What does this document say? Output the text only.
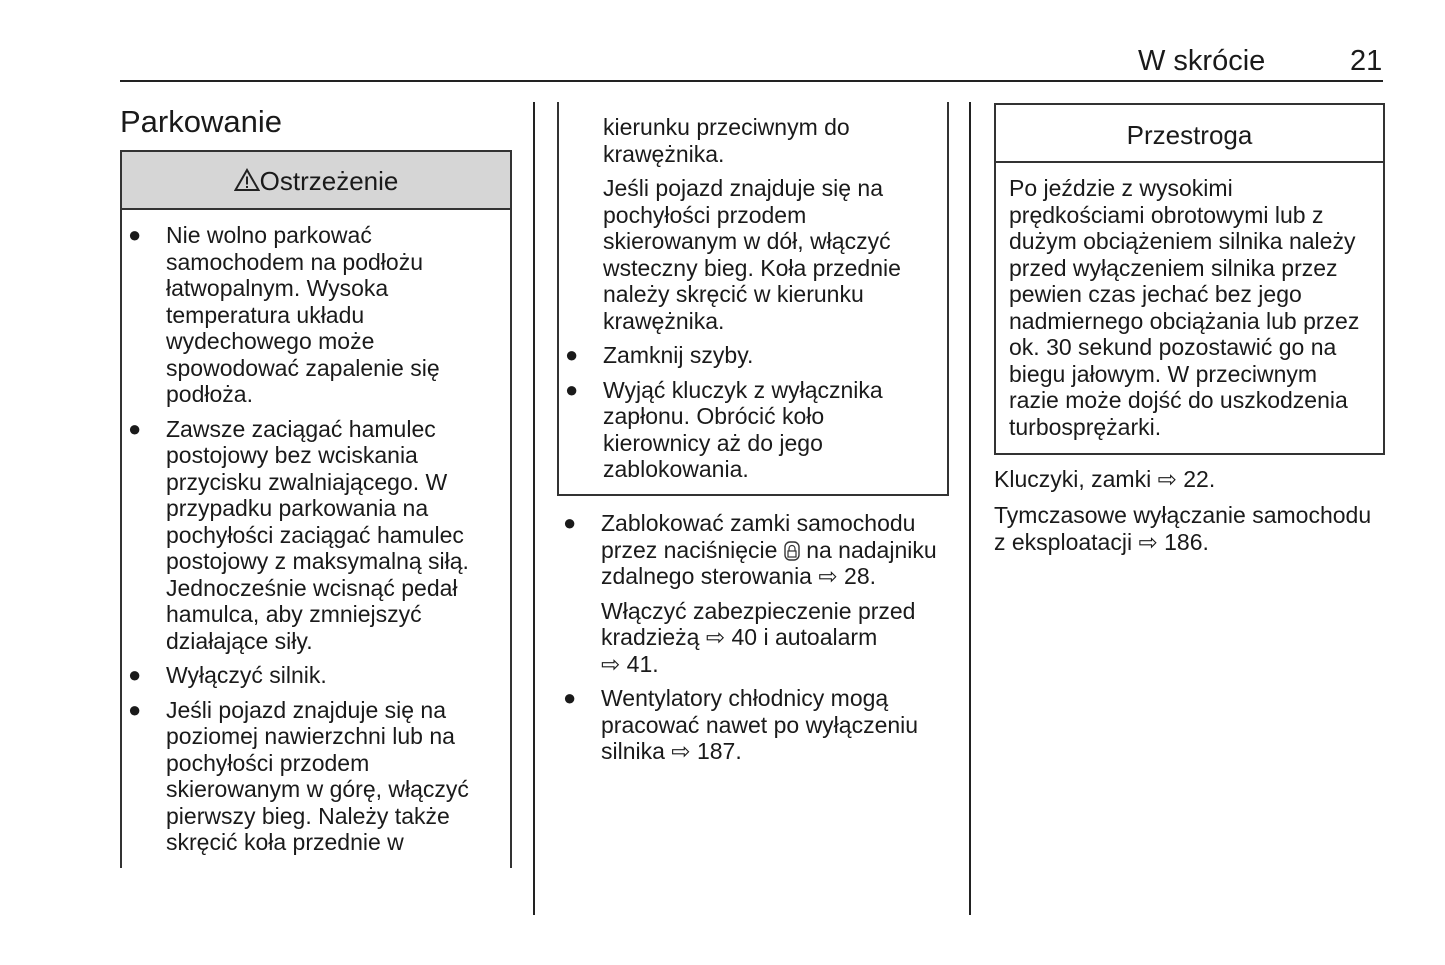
W skrócie	21
Parkowanie
Ostrzeżenie
● Nie wolno parkować
samochodem na podłożu
łatwopalnym. Wysoka
temperatura układu
wydechowego może
spowodować zapalenie się
podłoża.
● Zawsze zaciągać hamulec
postojowy bez wciskania
przycisku zwalniającego. W
przypadku parkowania na
pochyłości zaciągać hamulec
postojowy z maksymalną siłą.
Jednocześnie wcisnąć pedał
hamulca, aby zmniejszyć
działające siły.
● Wyłączyć silnik.
● Jeśli pojazd znajduje się na
poziomej nawierzchni lub na
pochyłości przodem
skierowanym w górę, włączyć
pierwszy bieg. Należy także
skręcić koła przednie w
kierunku przeciwnym do
krawężnika.
Jeśli pojazd znajduje się na
pochyłości przodem
skierowanym w dół, włączyć
wsteczny bieg. Koła przednie
należy skręcić w kierunku
krawężnika.
● Zamknij szyby.
● Wyjąć kluczyk z wyłącznika
zapłonu. Obrócić koło
kierownicy aż do jego
zablokowania.
● Zablokować zamki samochodu
przez naciśnięcie  na nadajniku
zdalnego sterowania ⇨ 28.
Włączyć zabezpieczenie przed
kradzieżą ⇨ 40 i autoalarm
⇨ 41.
● Wentylatory chłodnicy mogą
pracować nawet po wyłączeniu
silnika ⇨ 187.
Przestroga
Po jeździe z wysokimi
prędkościami obrotowymi lub z
dużym obciążeniem silnika należy
przed wyłączeniem silnika przez
pewien czas jechać bez jego
nadmiernego obciążania lub przez
ok. 30 sekund pozostawić go na
biegu jałowym. W przeciwnym
razie może dojść do uszkodzenia
turbosprężarki.
Kluczyki, zamki ⇨ 22.
Tymczasowe wyłączanie samochodu
z eksploatacji ⇨ 186.
